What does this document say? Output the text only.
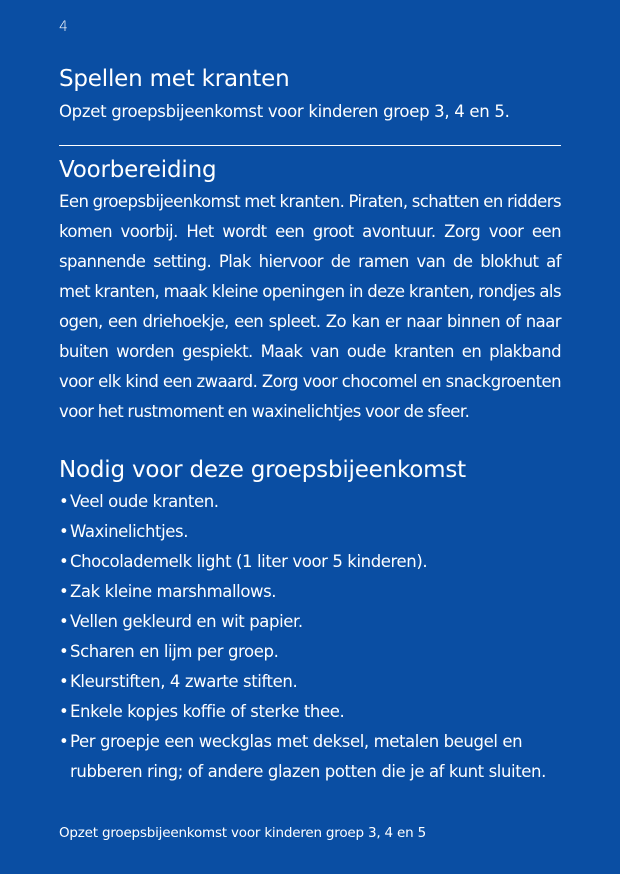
4
Spellen met kranten

Opzet groepsbijeenkomst voor kinderen groep 3, 4 en 5.

Voorbereiding

Een groepsbijeenkomst met kranten. Piraten, schatten en ridders komen voorbij. Het wordt een groot avontuur. Zorg voor een spannende setting. Plak hiervoor de ramen van de blokhut af met kranten, maak kleine openingen in deze kranten, rondjes als ogen, een driehoekje, een spleet. Zo kan er naar binnen of naar buiten worden gespiekt. Maak van oude kranten en plakband voor elk kind een zwaard. Zorg voor chocomel en snackgroenten voor het rustmoment en waxinelichtjes voor de sfeer.

Nodig voor deze groepsbijeenkomst
• Veel oude kranten.
• Waxinelichtjes.
• Chocolademelk light (1 liter voor 5 kinderen).
• Zak kleine marshmallows.
• Vellen gekleurd en wit papier.
• Scharen en lijm per groep.
• Kleurstiften, 4 zwarte stiften.
• Enkele kopjes koffie of sterke thee.
• Per groepje een weckglas met deksel, metalen beugel en rubberen ring; of andere glazen potten die je af kunt sluiten.
Opzet groepsbijeenkomst voor kinderen groep 3, 4 en 5
